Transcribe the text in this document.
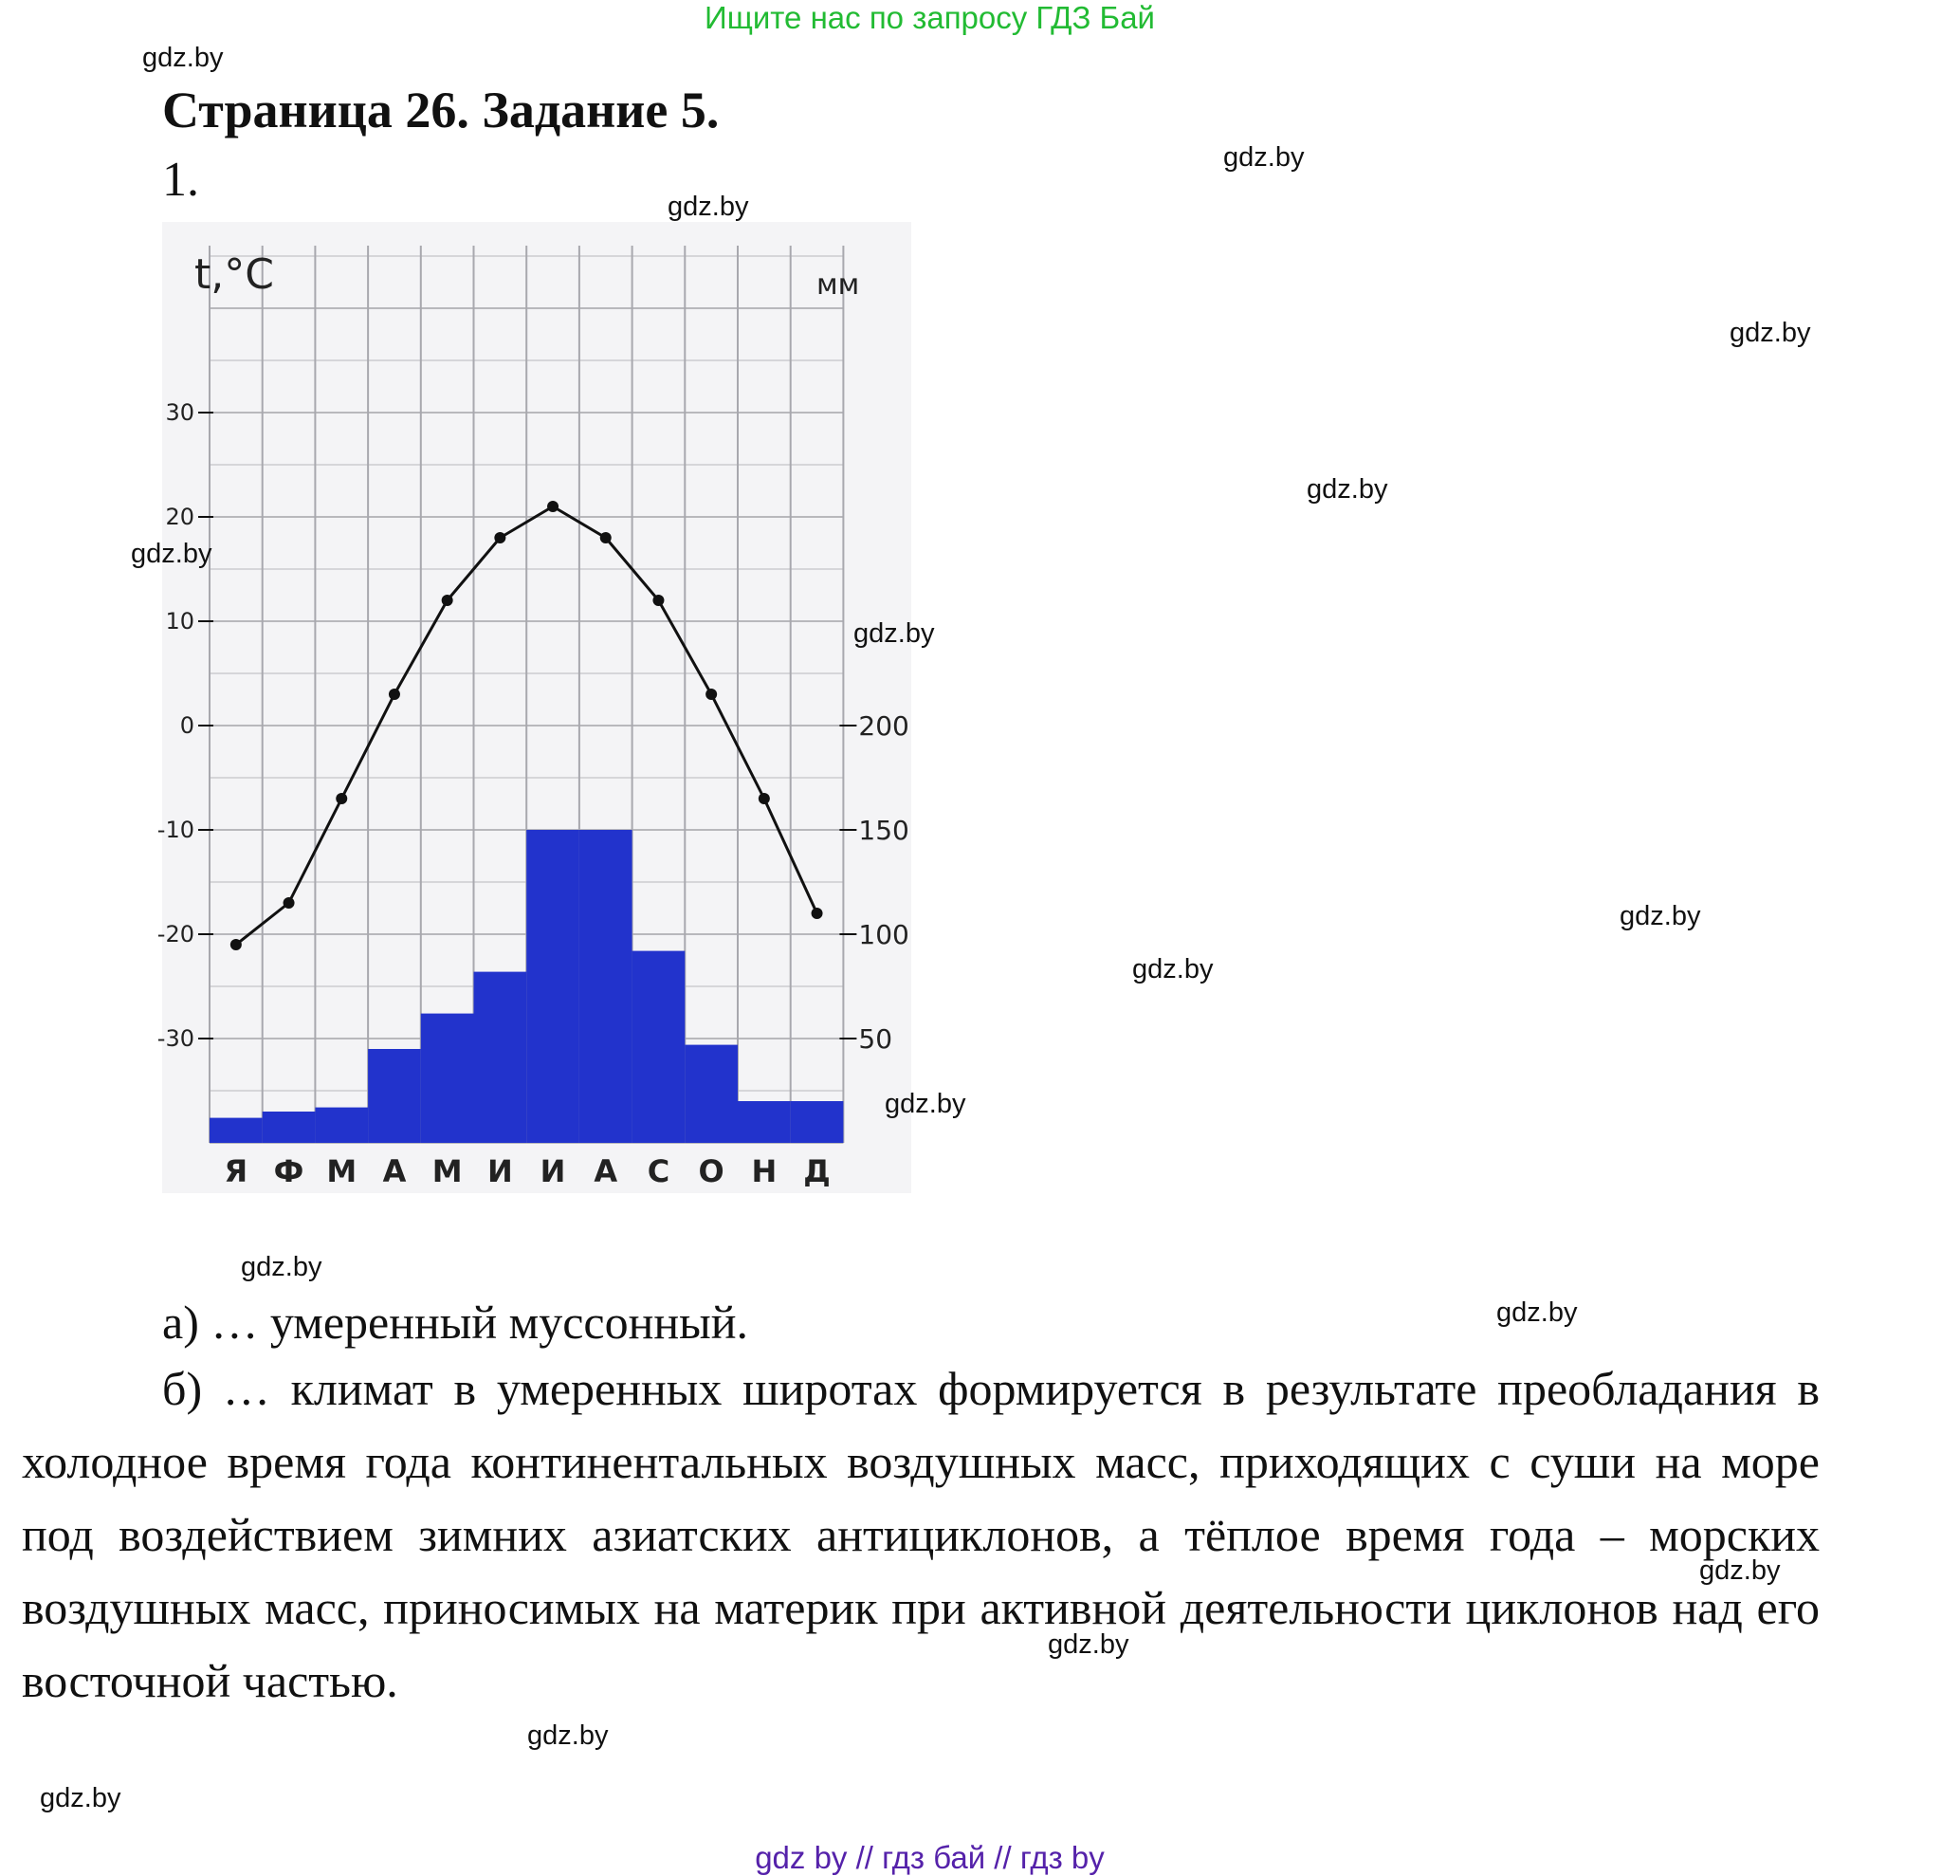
Ищите нас по запросу ГДЗ Бай
Страница 26. Задание 5.
1.
30
20
10
0
-10
-20
-30
200
150
100
50
t,°C	мм
Я Ф М А М И И А С О Н Д
а) … умеренный муссонный.
б) … климат в умеренных широтах формируется в результате преобладания в холодное время года континентальных воздушных масс, приходящих с суши на море под воздействием зимних азиатских антициклонов, а тёплое время года – морских воздушных масс, приносимых на материк при активной деятельности циклонов над его восточной частью.
gdz by // гдз бай // гдз by
gdz.by
gdz.by
gdz.by
gdz.by
gdz.by
gdz.by
gdz.by
gdz.by
gdz.by
gdz.by
gdz.by
gdz.by
gdz.by
gdz.by
gdz.by
gdz.by
